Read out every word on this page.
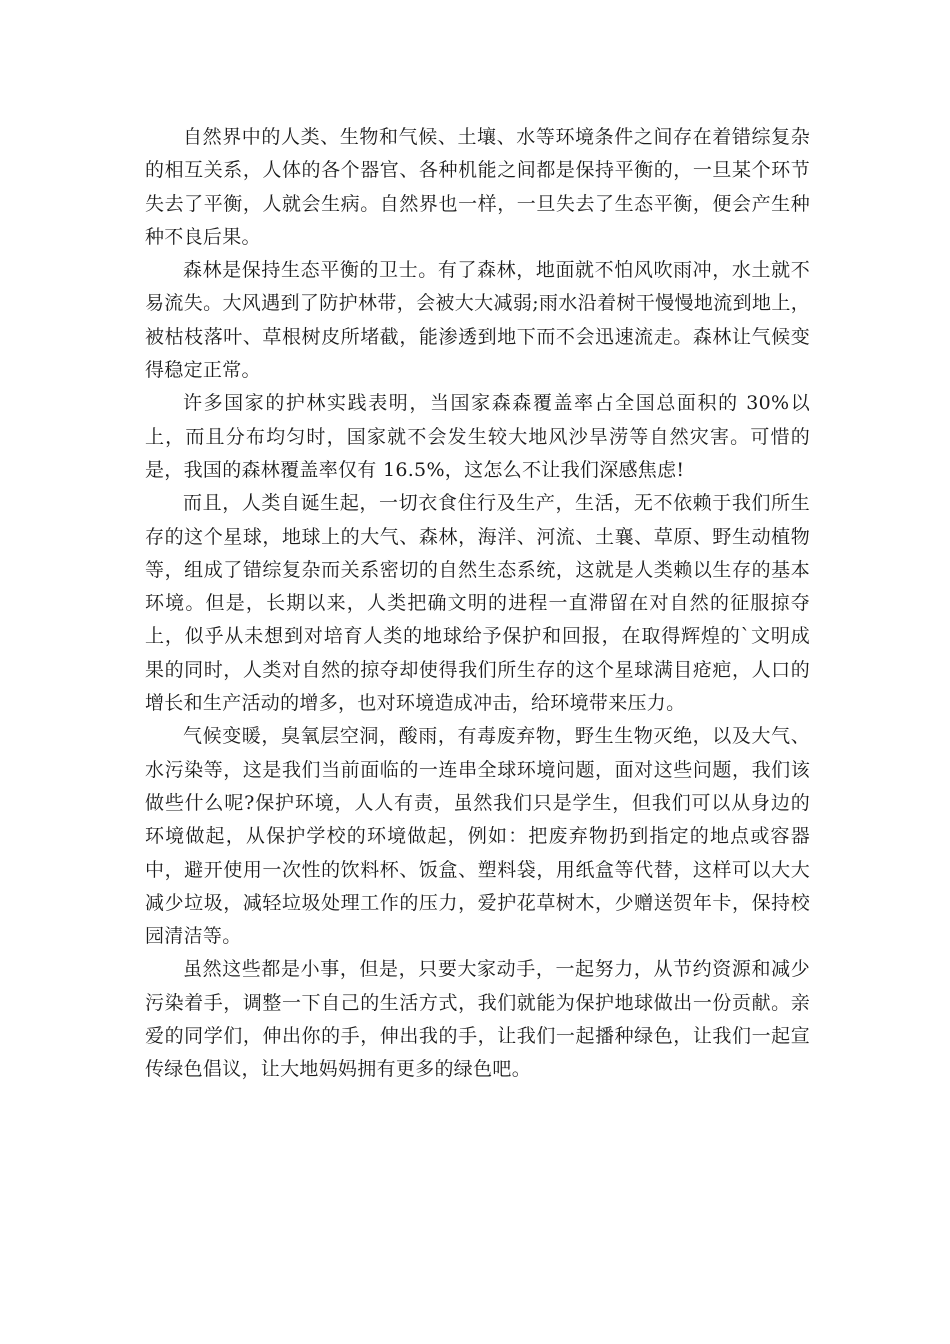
自然界中的人类、生物和气候、土壤、水等环境条件之间存在着错综复杂的相互关系，人体的各个器官、各种机能之间都是保持平衡的，一旦某个环节失去了平衡，人就会生病。自然界也一样，一旦失去了生态平衡，便会产生种种不良后果。

森林是保持生态平衡的卫士。有了森林，地面就不怕风吹雨冲，水土就不易流失。大风遇到了防护林带，会被大大减弱;雨水沿着树干慢慢地流到地上，被枯枝落叶、草根树皮所堵截，能渗透到地下而不会迅速流走。森林让气候变得稳定正常。

许多国家的护林实践表明，当国家森森覆盖率占全国总面积的 30%以上，而且分布均匀时，国家就不会发生较大地风沙旱涝等自然灾害。可惜的是，我国的森林覆盖率仅有 16.5%，这怎么不让我们深感焦虑!

而且，人类自诞生起，一切衣食住行及生产，生活，无不依赖于我们所生存的这个星球，地球上的大气、森林，海洋、河流、土襄、草原、野生动植物等，组成了错综复杂而关系密切的自然生态系统，这就是人类赖以生存的基本环境。但是，长期以来，人类把确文明的进程一直滞留在对自然的征服掠夺上，似乎从未想到对培育人类的地球给予保护和回报，在取得辉煌的`文明成果的同时，人类对自然的掠夺却使得我们所生存的这个星球满目疮疤，人口的增长和生产活动的增多，也对环境造成冲击，给环境带来压力。

气候变暖，臭氧层空洞，酸雨，有毒废弃物，野生生物灭绝，以及大气、水污染等，这是我们当前面临的一连串全球环境问题，面对这些问题，我们该做些什么呢?保护环境，人人有责，虽然我们只是学生，但我们可以从身边的环境做起，从保护学校的环境做起，例如：把废弃物扔到指定的地点或容器中，避开使用一次性的饮料杯、饭盒、塑料袋，用纸盒等代替，这样可以大大减少垃圾，减轻垃圾处理工作的压力，爱护花草树木，少赠送贺年卡，保持校园清洁等。

虽然这些都是小事，但是，只要大家动手，一起努力，从节约资源和减少污染着手，调整一下自己的生活方式，我们就能为保护地球做出一份贡献。亲爱的同学们，伸出你的手，伸出我的手，让我们一起播种绿色，让我们一起宣传绿色倡议，让大地妈妈拥有更多的绿色吧。
